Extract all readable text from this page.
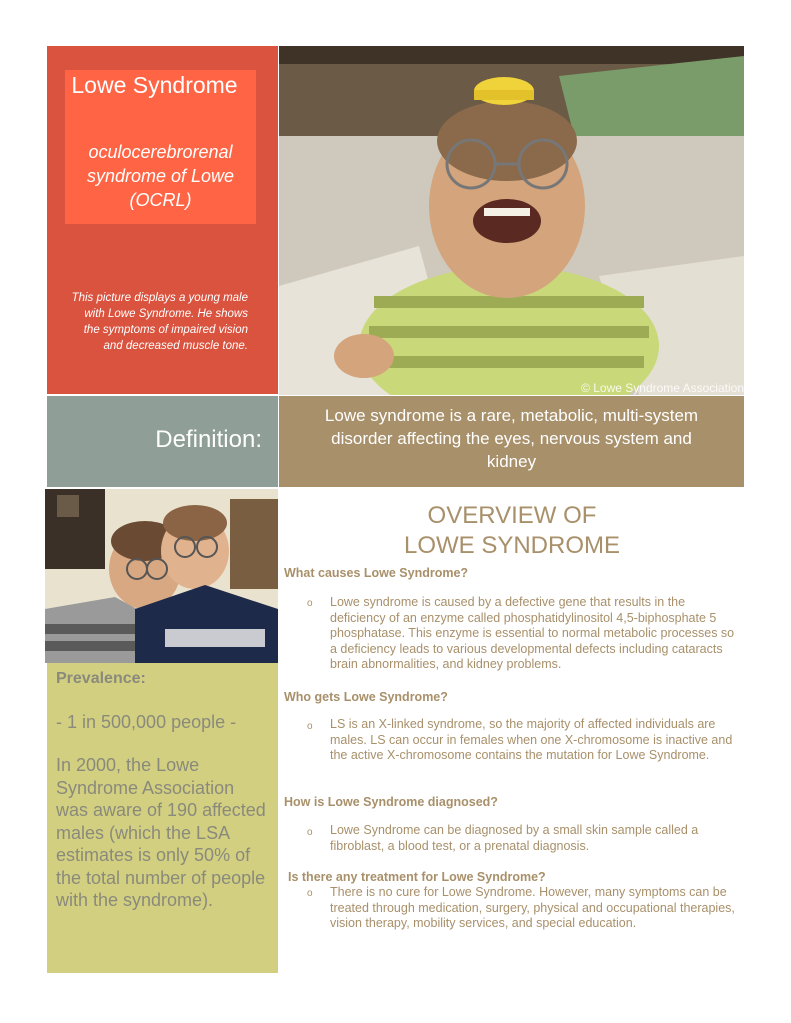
Lowe Syndrome
oculocerebrorenal syndrome of Lowe (OCRL)
This picture displays a young male with Lowe Syndrome. He shows the symptoms of impaired vision and decreased muscle tone.
© Lowe Syndrome Association
Definition:
Lowe syndrome is a rare, metabolic, multi-system disorder affecting the eyes, nervous system and kidney
Prevalence:
- 1 in 500,000 people -
In 2000, the Lowe Syndrome Association was aware of 190 affected males (which the LSA estimates is only 50% of the total number of people with the syndrome).
OVERVIEW OF
LOWE SYNDROME
What causes Lowe Syndrome?
o Lowe syndrome is caused by a defective gene that results in the deficiency of an enzyme called phosphatidylinositol 4,5-biphosphate 5 phosphatase. This enzyme is essential to normal metabolic processes so a deficiency leads to various developmental defects including cataracts brain abnormalities, and kidney problems.
Who gets Lowe Syndrome?
o LS is an X-linked syndrome, so the majority of affected individuals are males. LS can occur in females when one X-chromosome is inactive and the active X-chromosome contains the mutation for Lowe Syndrome.
How is Lowe Syndrome diagnosed?
o Lowe Syndrome can be diagnosed by a small skin sample called a fibroblast, a blood test, or a prenatal diagnosis.
Is there any treatment for Lowe Syndrome?
o There is no cure for Lowe Syndrome. However, many symptoms can be treated through medication, surgery, physical and occupational therapies, vision therapy, mobility services, and special education.
